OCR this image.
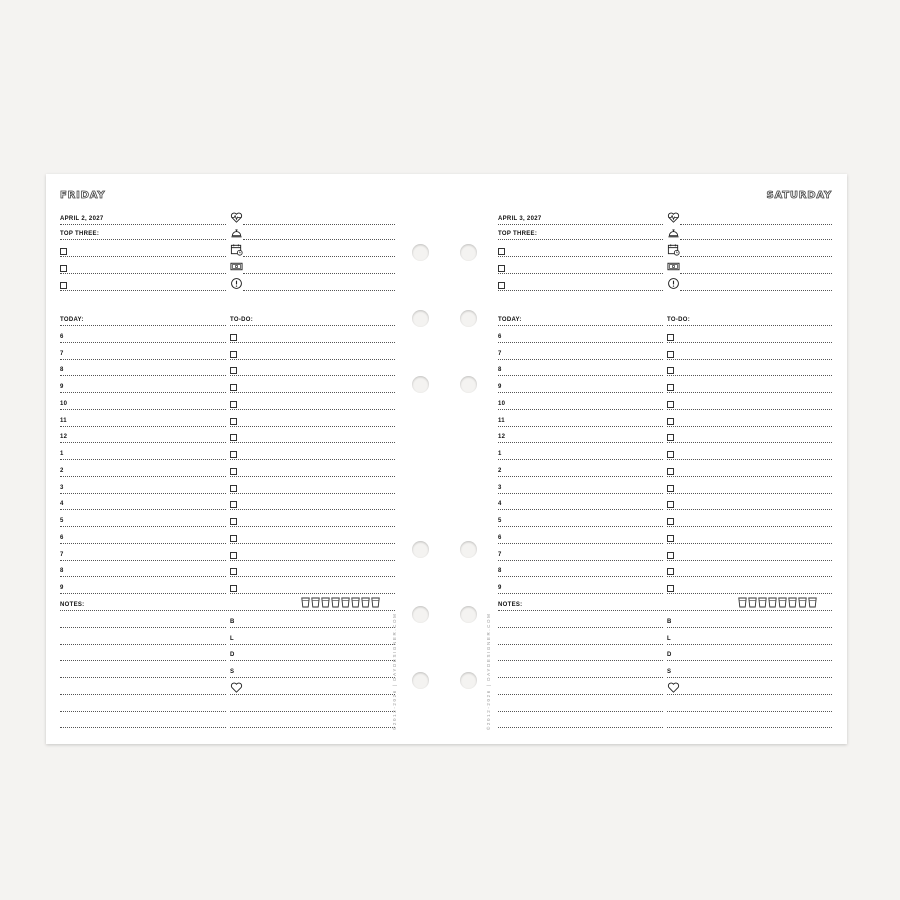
FRIDAY	SATURDAY
APRIL 2, 2027
TOP THREE:
TODAY:	TO-DO:
6
7
8
9
10
11
12
1
2
3
4
5
6
7
8
9
NOTES:
B
L
D
S	©2012-2026 | DAYDESIGNER.COM
APRIL 3, 2027
TOP THREE:
TODAY:	TO-DO:
6
7
8
9
10
11
12
1
2
3
4
5
6
7
8
9
NOTES:
B
L
D
S
©2012-2026 | DAYDESIGNER.COM
